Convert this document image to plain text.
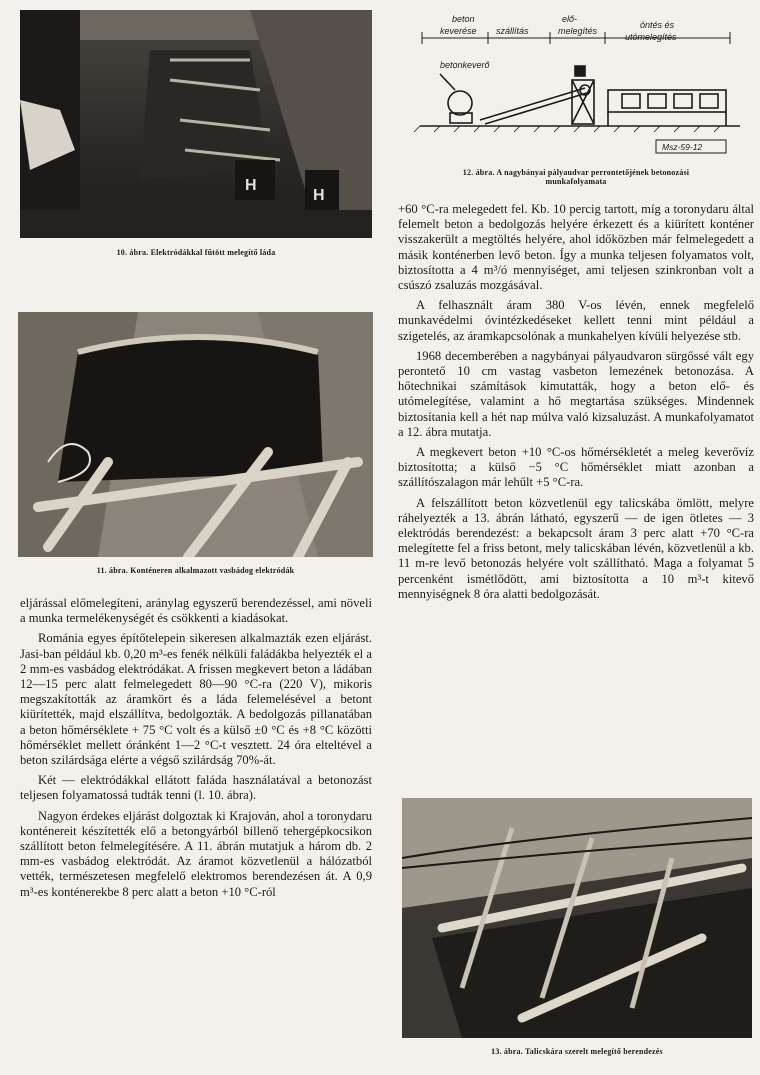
H
H
10. ábra. Elektródákkal fűtött melegítő láda
11. ábra. Konténeren alkalmazott vasbádog elektródák
beton
keverése szállítás
elő-
melegítés
öntés és
utómelegítés
betonkeverő
Msz-59-12
12. ábra. A nagybányai pályaudvar perrontetőjének betonozási
munkafolyamata

+60 °C-ra melegedett fel. Kb. 10 percig tartott, míg a toronydaru által felemelt beton a bedolgozás helyére érkezett és a kiürített konténer visszakerült a megtöltés helyére, ahol időközben már felmelegedett a másik konténerben levő beton. Így a munka teljesen folyamatos volt, biztosította a 4 m³/ó mennyiséget, ami teljesen szinkronban volt a csúszó zsaluzás mozgásával.

A felhasznált áram 380 V-os lévén, ennek megfelelő munkavédelmi óvintézkedéseket kellett tenni mint például a szigetelés, az áramkapcsolónak a munkahelyen kívüli helyezése stb.

1968 decemberében a nagybányai pályaudvaron sürgőssé vált egy perontető 10 cm vastag vasbeton lemezének betonozása. A hőtechnikai számítások kimutatták, hogy a beton elő- és utómelegítése, valamint a hő megtartása szükséges. Mindennek biztosítania kell a hét nap múlva való kizsaluzást. A munkafolyamatot a 12. ábra mutatja.

A megkevert beton +10 °C-os hőmérsékletét a meleg keverővíz biztosította; a külső −5 °C hőmérséklet miatt azonban a szállítószalagon már lehűlt +5 °C-ra.

A felszállított beton közvetlenül egy talicskába ömlött, melyre ráhelyezték a 13. ábrán látható, egyszerű — de igen ötletes — 3 elektródás berendezést: a bekapcsolt áram 3 perc alatt +70 °C-ra melegítette fel a friss betont, mely talicskában lévén, közvetlenül a kb. 11 m-re levő betonozás helyére volt szállítható. Maga a folyamat 5 percenként ismétlődött, ami biztosította a 10 m³-t kitevő mennyiségnek 8 óra alatti bedolgozását.

eljárással előmelegíteni, aránylag egyszerű berendezéssel, ami növeli a munka termelékenységét és csökkenti a kiadásokat.

Románia egyes építőtelepein sikeresen alkalmazták ezen eljárást. Jasi-ban például kb. 0,20 m³-es fenék nélküli faládákba helyezték el a 2 mm-es vasbádog elektródákat. A frissen megkevert beton a ládában 12—15 perc alatt felmelegedett 80—90 °C-ra (220 V), mikoris megszakították az áramkört és a láda felemelésével a betont kiürítették, majd elszállítva, bedolgozták. A bedolgozás pillanatában a beton hőmérséklete + 75 °C volt és a külső ±0 °C és +8 °C közötti hőmérséklet mellett óránként 1—2 °C-t vesztett. 24 óra elteltével a beton szilárdsága elérte a végső szilárdság 70%-át.

Két — elektródákkal ellátott faláda használatával a betonozást teljesen folyamatossá tudták tenni (l. 10. ábra).

Nagyon érdekes eljárást dolgoztak ki Krajován, ahol a toronydaru konténereit készítették elő a betongyárból billenő tehergépkocsikon szállított beton felmelegítésére. A 11. ábrán mutatjuk a három db. 2 mm-es vasbádog elektródát. Az áramot közvetlenül a hálózatból vették, természetesen megfelelő elektromos berendezésen át. A 0,9 m³-es konténerekbe 8 perc alatt a beton +10 °C-ról

13. ábra. Talicskára szerelt melegítő berendezés
